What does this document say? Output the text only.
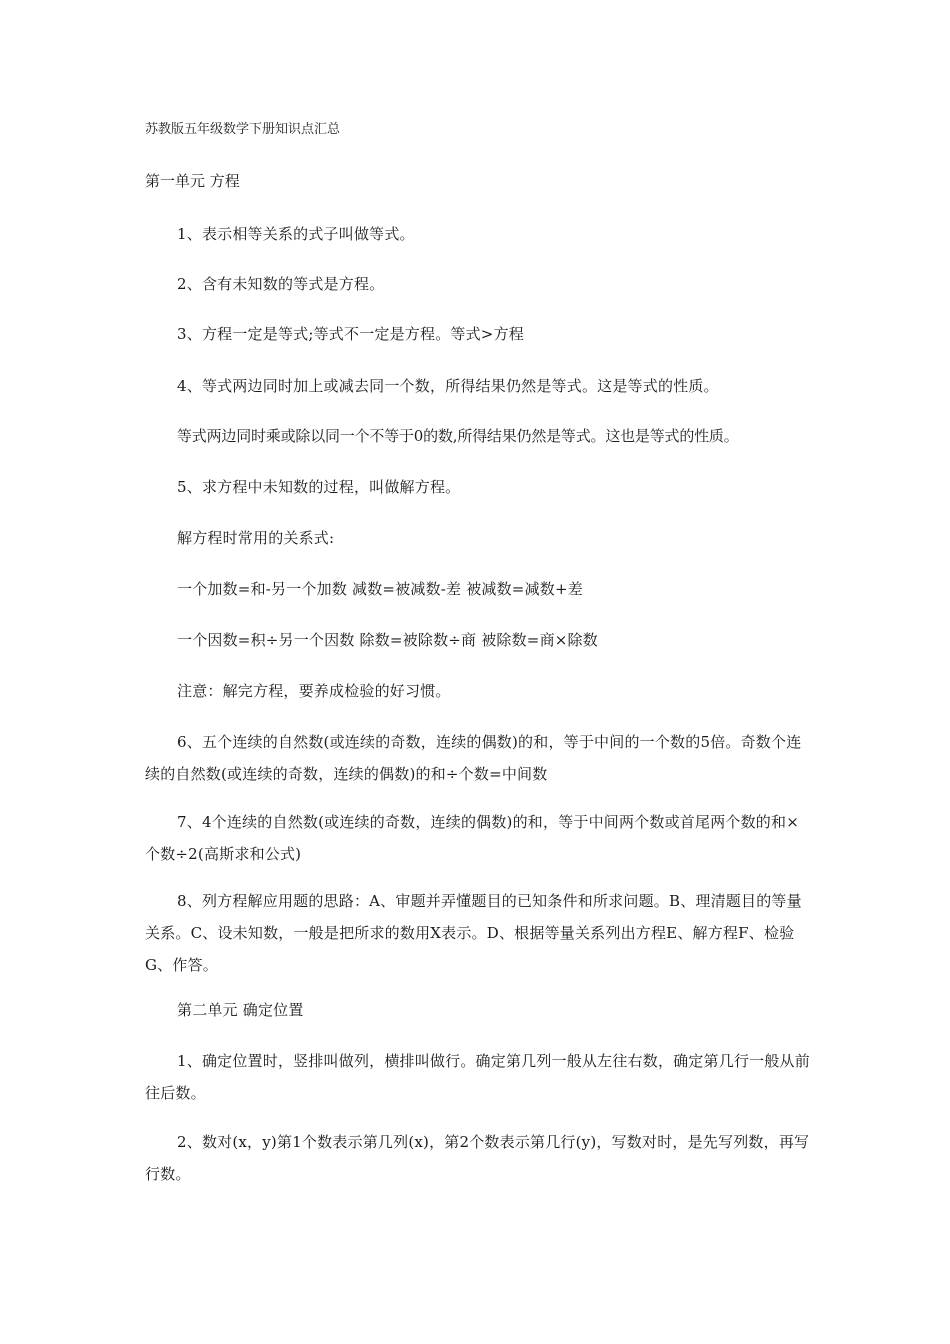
苏教版五年级数学下册知识点汇总
第一单元 方程
1、表示相等关系的式子叫做等式。
2、含有未知数的等式是方程。
3、方程一定是等式;等式不一定是方程。等式>方程
4、等式两边同时加上或减去同一个数，所得结果仍然是等式。这是等式的性质。
等式两边同时乘或除以同一个不等于0的数,所得结果仍然是等式。这也是等式的性质。
5、求方程中未知数的过程，叫做解方程。
解方程时常用的关系式:
一个加数=和-另一个加数 减数=被减数-差 被减数=减数+差
一个因数=积÷另一个因数 除数=被除数÷商 被除数=商×除数
注意：解完方程，要养成检验的好习惯。
6、五个连续的自然数(或连续的奇数，连续的偶数)的和，等于中间的一个数的5倍。奇数个连续的自然数(或连续的奇数，连续的偶数)的和÷个数=中间数
7、4个连续的自然数(或连续的奇数，连续的偶数)的和，等于中间两个数或首尾两个数的和×个数÷2(高斯求和公式)
8、列方程解应用题的思路：A、审题并弄懂题目的已知条件和所求问题。B、理清题目的等量关系。C、设未知数，一般是把所求的数用X表示。D、根据等量关系列出方程E、解方程F、检验G、作答。
第二单元 确定位置
1、确定位置时，竖排叫做列，横排叫做行。确定第几列一般从左往右数，确定第几行一般从前往后数。
2、数对(x，y)第1个数表示第几列(x)，第2个数表示第几行(y)，写数对时，是先写列数，再写行数。
